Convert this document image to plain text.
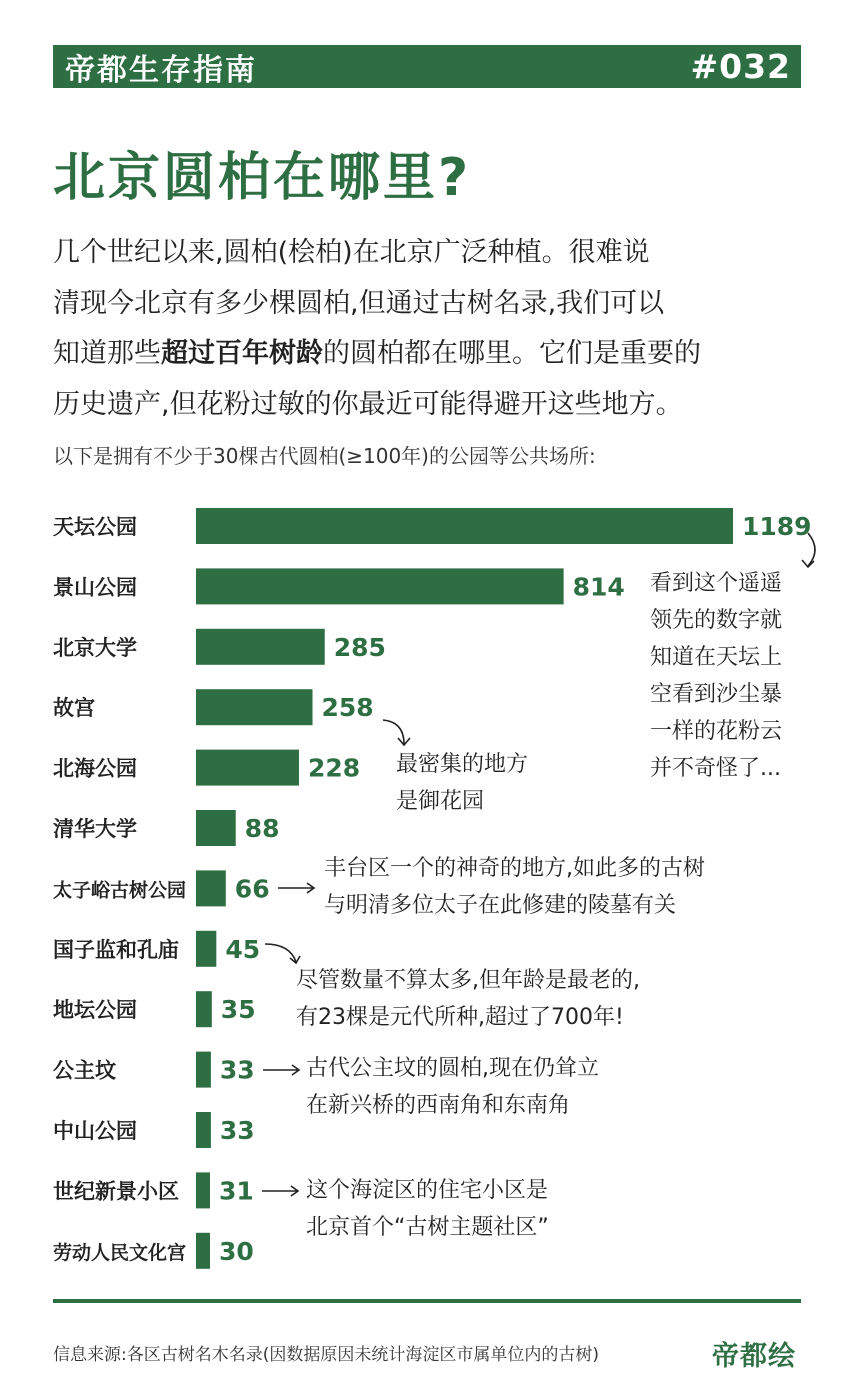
帝都生存指南	#032
北京圆柏在哪里?
几个世纪以来,圆柏(桧柏)在北京广泛种植。很难说
清现今北京有多少棵圆柏,但通过古树名录,我们可以
知道那些超过百年树龄的圆柏都在哪里。它们是重要的
历史遗产,但花粉过敏的你最近可能得避开这些地方。
以下是拥有不少于30棵古代圆柏(≥100年)的公园等公共场所:
天坛公园	1189
景山公园	814
北京大学	285
故宫	258
北海公园	228
清华大学	88
太子峪古树公园 66
国子监和孔庙 45
地坛公园	35
公主坟	33
中山公园	33
世纪新景小区 31
劳动人民文化宫 30
看到这个遥遥
领先的数字就
知道在天坛上
空看到沙尘暴
一样的花粉云
并不奇怪了...
最密集的地方
是御花园
丰台区一个的神奇的地方,如此多的古树
与明清多位太子在此修建的陵墓有关
尽管数量不算太多,但年龄是最老的,
有23棵是元代所种,超过了700年!
古代公主坟的圆柏,现在仍耸立
在新兴桥的西南角和东南角
这个海淀区的住宅小区是
北京首个“古树主题社区”
信息来源:各区古树名木名录(因数据原因未统计海淀区市属单位内的古树)	帝都绘
